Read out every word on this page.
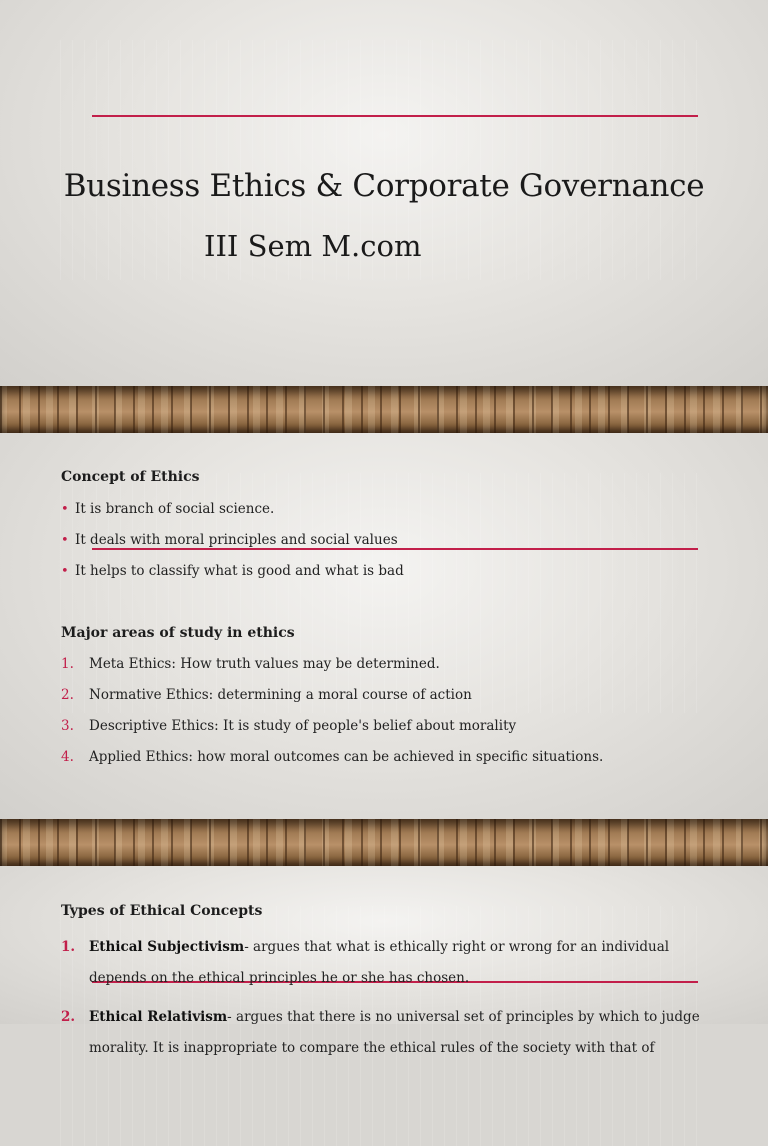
Business Ethics & Corporate Governance
III Sem M.com
Concept of Ethics
• It is branch of social science.
• It deals with moral principles and social values
• It helps to classify what is good and what is bad
Major areas of study in ethics
1. Meta Ethics: How truth values may be determined.
2. Normative Ethics: determining a moral course of action
3. Descriptive Ethics: It is study of people's belief about morality
4. Applied Ethics: how moral outcomes can be achieved in specific situations.
Types of Ethical Concepts
1. Ethical Subjectivism- argues that what is ethically right or wrong for an individual depends on the ethical principles he or she has chosen.
2. Ethical Relativism- argues that there is no universal set of principles by which to judge morality. It is inappropriate to compare the ethical rules of the society with that of
